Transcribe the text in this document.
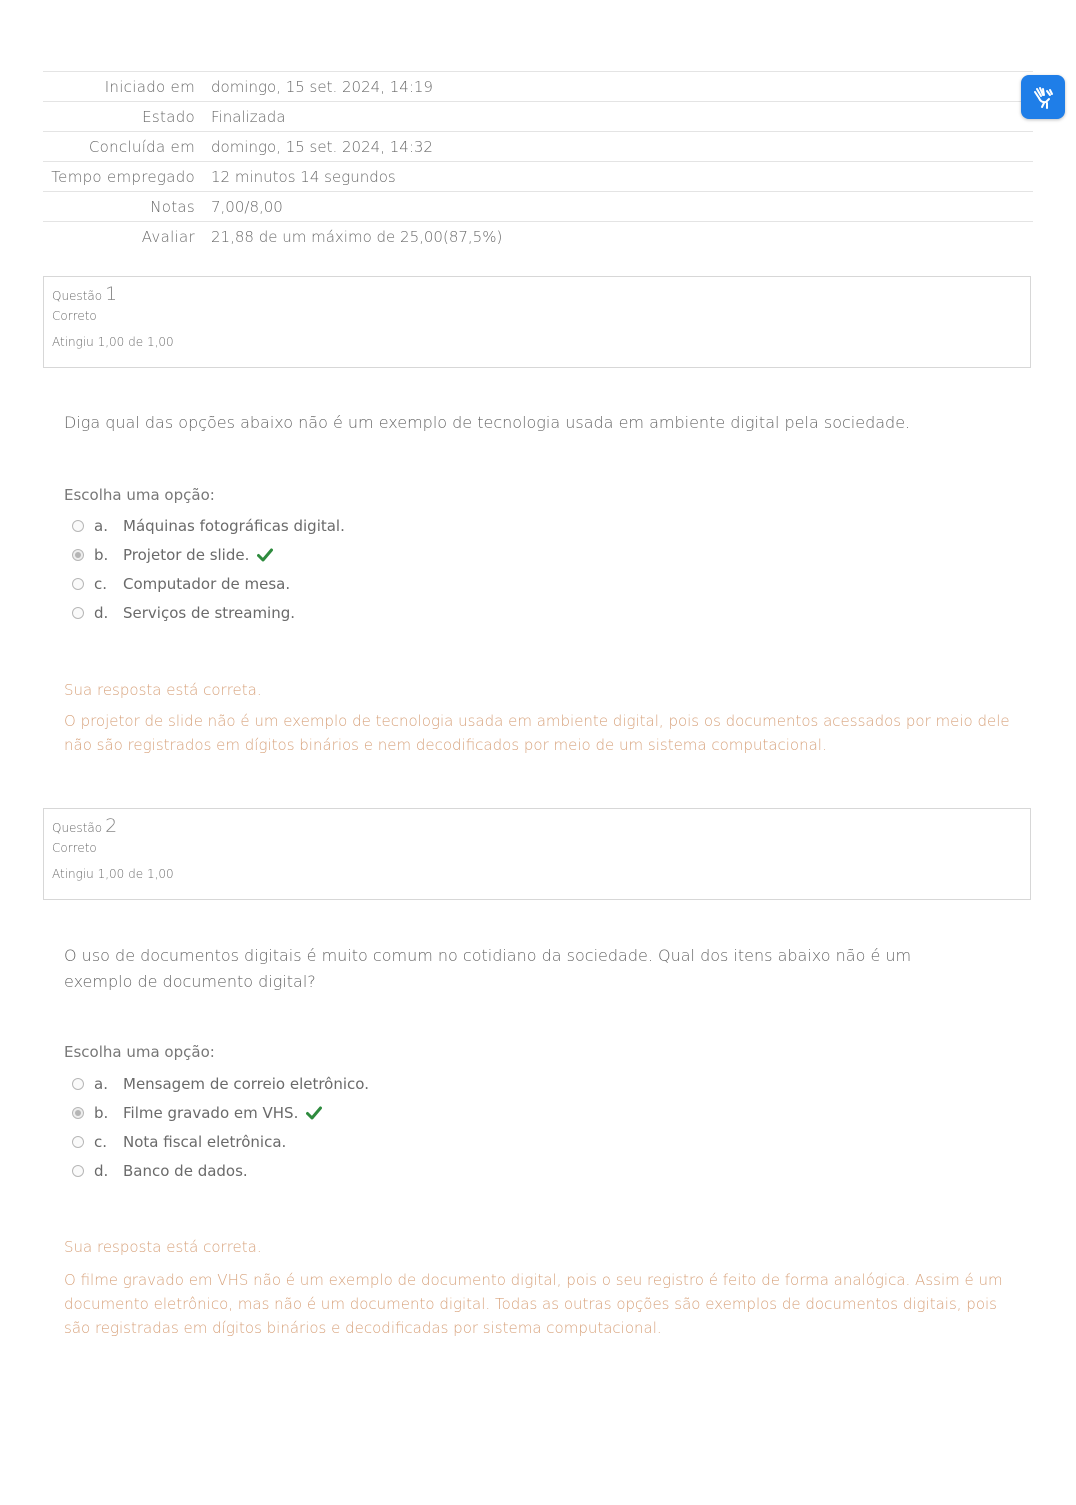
Iniciado em	domingo, 15 set. 2024, 14:19
Estado	Finalizada
Concluída em	domingo, 15 set. 2024, 14:32
Tempo empregado	12 minutos 14 segundos
Notas	7,00/8,00
Avaliar	21,88 de um máximo de 25,00(87,5%)
Questão 1
Correto
Atingiu 1,00 de 1,00
Diga qual das opções abaixo não é um exemplo de tecnologia usada em ambiente digital pela sociedade.
Escolha uma opção:
a.	Máquinas fotográficas digital.
b. Projetor de slide.
c.	Computador de mesa.
d. Serviços de streaming.
Sua resposta está correta.
O projetor de slide não é um exemplo de tecnologia usada em ambiente digital, pois os documentos acessados por meio dele não são registrados em dígitos binários e nem decodificados por meio de um sistema computacional.
Questão 2
Correto
Atingiu 1,00 de 1,00
O uso de documentos digitais é muito comum no cotidiano da sociedade. Qual dos itens abaixo não é um exemplo de documento digital?
Escolha uma opção:
a.	Mensagem de correio eletrônico.
b. Filme gravado em VHS.
c.	Nota fiscal eletrônica.
d. Banco de dados.
Sua resposta está correta.
O filme gravado em VHS não é um exemplo de documento digital, pois o seu registro é feito de forma analógica. Assim é um documento eletrônico, mas não é um documento digital. Todas as outras opções são exemplos de documentos digitais, pois são registradas em dígitos binários e decodificadas por sistema computacional.
